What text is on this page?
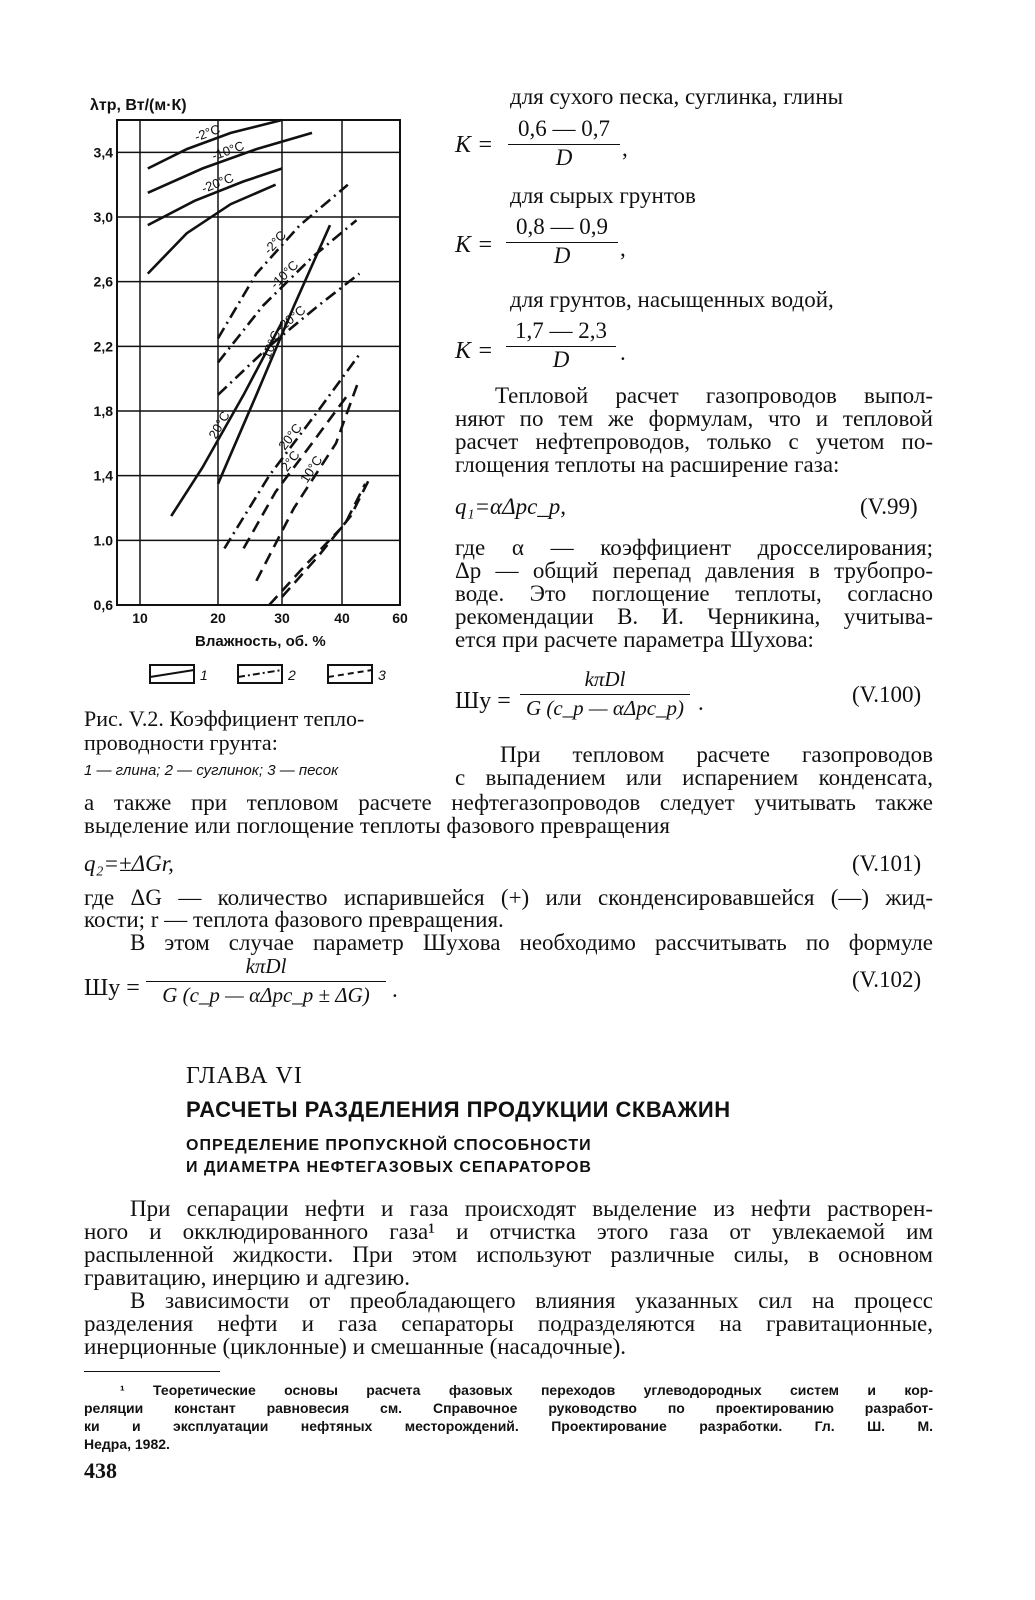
λтр, Вт/(м·К)
Влажность, об. %
3,4
3,0
2,6
2,2
1,8
1,4
1.0
0,6
10	20	30	40	60
-2°C
-10°C
-20°C
10°C
20°C
-2°C
-10°C
-20°C
20°C
10°C
2°C
1	2	3
Рис. V.2. Коэффициент тепло-
проводности грунта:
1 — глина; 2 — суглинок; 3 — песок
для сухого песка, суглинка, глины
K =
0,6 — 0,7
D	,
для сырых грунтов
K =
0,8 — 0,9
D	,
для грунтов, насыщенных водой,
K =
1,7 — 2,3
D	.
Тепловой расчет газопроводов выпол-
няют по тем же формулам, что и тепловой
расчет нефтепроводов, только с учетом по-
глощения теплоты на расширение газа:
q₁=αΔpc_p,	(V.99)
где α — коэффициент дросселирования;
Δp — общий перепад давления в трубопро-
воде. Это поглощение теплоты, согласно
рекомендации В. И. Черникина, учитыва-
ется при расчете параметра Шухова:
Шу =
kπDl
G (c_p — αΔpc_p) .	(V.100)
При тепловом расчете газопроводов
с выпадением или испарением конденсата,
а также при тепловом расчете нефтегазопроводов следует учитывать также
выделение или поглощение теплоты фазового превращения
q₂=±ΔGr,	(V.101)
где ΔG — количество испарившейся (+) или сконденсировавшейся (—) жид-
кости; r — теплота фазового превращения.
В этом случае параметр Шухова необходимо рассчитывать по формуле
Шу =
kπDl
G (c_p — αΔpc_p ± ΔG) .	(V.102)
ГЛАВА VI
РАСЧЕТЫ РАЗДЕЛЕНИЯ ПРОДУКЦИИ СКВАЖИН
ОПРЕДЕЛЕНИЕ ПРОПУСКНОЙ СПОСОБНОСТИ
И ДИАМЕТРА НЕФТЕГАЗОВЫХ СЕПАРАТОРОВ
При сепарации нефти и газа происходят выделение из нефти растворен-
ного и окклюдированного газа¹ и отчистка этого газа от увлекаемой им
распыленной жидкости. При этом используют различные силы, в основном
гравитацию, инерцию и адгезию.
В зависимости от преобладающего влияния указанных сил на процесс
разделения нефти и газа сепараторы подразделяются на гравитационные,
инерционные (циклонные) и смешанные (насадочные).
¹ Теоретические основы расчета фазовых переходов углеводородных систем и кор-
реляции констант равновесия см. Справочное руководство по проектированию разработ-
ки и эксплуатации нефтяных месторождений. Проектирование разработки. Гл. Ш. М.
Недра, 1982.
438
